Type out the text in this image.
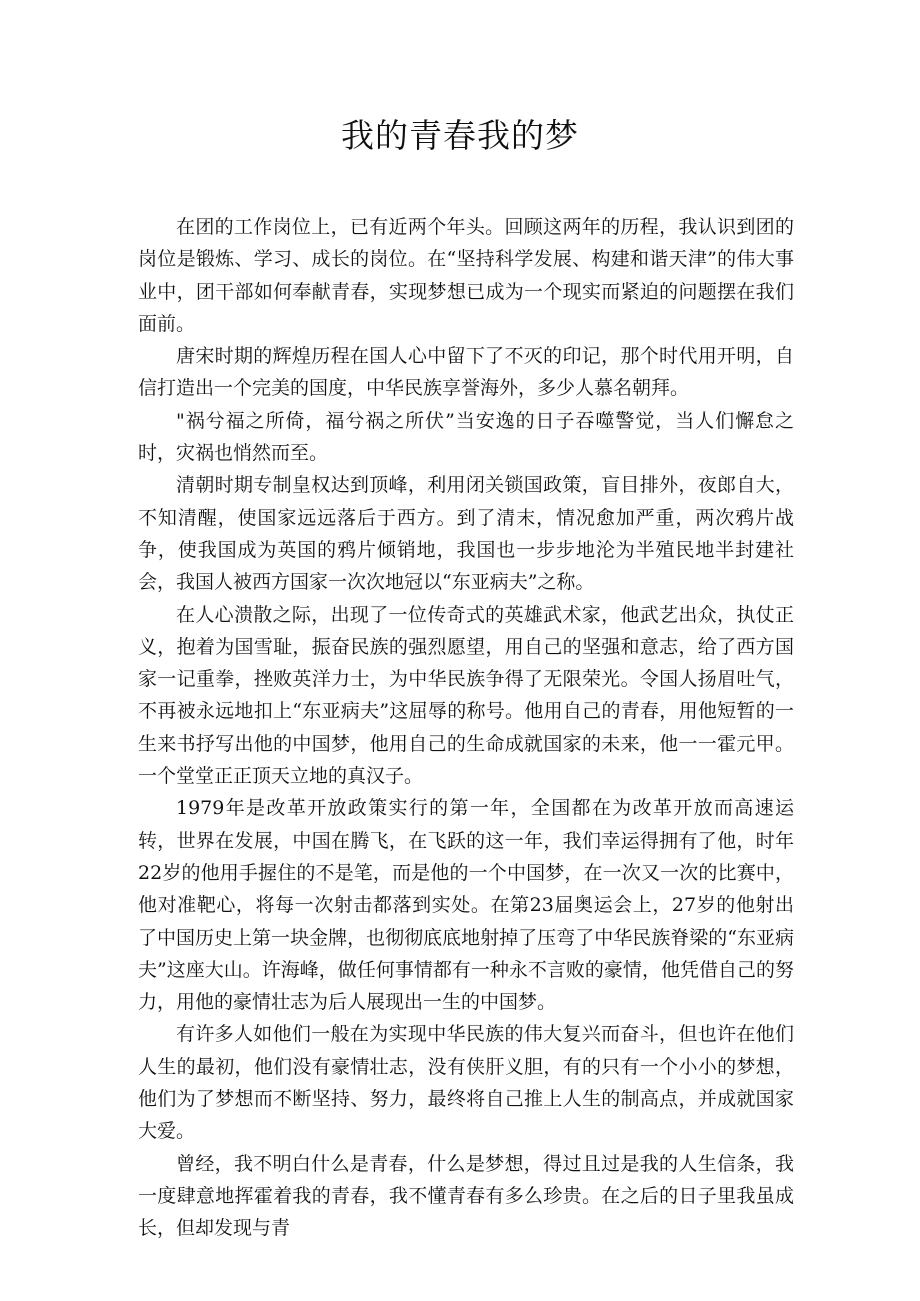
我的青春我的梦

在团的工作岗位上，已有近两个年头。回顾这两年的历程，我认识到团的岗位是锻炼、学习、成长的岗位。在“坚持科学发展、构建和谐天津”的伟大事业中，团干部如何奉献青春，实现梦想已成为一个现实而紧迫的问题摆在我们面前。

唐宋时期的辉煌历程在国人心中留下了不灭的印记，那个时代用开明，自信打造出一个完美的国度，中华民族享誉海外，多少人慕名朝拜。

"祸兮福之所倚，福兮祸之所伏”当安逸的日子吞噬警觉，当人们懈怠之时，灾祸也悄然而至。

清朝时期专制皇权达到顶峰，利用闭关锁国政策，盲目排外，夜郎自大，不知清醒，使国家远远落后于西方。到了清末，情况愈加严重，两次鸦片战争，使我国成为英国的鸦片倾销地，我国也一步步地沦为半殖民地半封建社会，我国人被西方国家一次次地冠以“东亚病夫”之称。

在人心溃散之际，出现了一位传奇式的英雄武术家，他武艺出众，执仗正义，抱着为国雪耻，振奋民族的强烈愿望，用自己的坚强和意志，给了西方国家一记重拳，挫败英洋力士，为中华民族争得了无限荣光。令国人扬眉吐气，不再被永远地扣上“东亚病夫”这屈辱的称号。他用自己的青春，用他短暂的一生来书抒写出他的中国梦，他用自己的生命成就国家的未来，他一一霍元甲。一个堂堂正正顶天立地的真汉子。

1979年是改革开放政策实行的第一年，全国都在为改革开放而高速运转，世界在发展，中国在腾飞，在飞跃的这一年，我们幸运得拥有了他，时年22岁的他用手握住的不是笔，而是他的一个中国梦，在一次又一次的比赛中，他对准靶心，将每一次射击都落到实处。在第23届奥运会上，27岁的他射出了中国历史上第一块金牌，也彻彻底底地射掉了压弯了中华民族脊梁的“东亚病夫”这座大山。许海峰，做任何事情都有一种永不言败的豪情，他凭借自己的努力，用他的豪情壮志为后人展现出一生的中国梦。

有许多人如他们一般在为实现中华民族的伟大复兴而奋斗，但也许在他们人生的最初，他们没有豪情壮志，没有侠肝义胆，有的只有一个小小的梦想，他们为了梦想而不断坚持、努力，最终将自己推上人生的制高点，并成就国家大爱。

曾经，我不明白什么是青春，什么是梦想，得过且过是我的人生信条，我一度肆意地挥霍着我的青春，我不懂青春有多么珍贵。在之后的日子里我虽成长，但却发现与青
